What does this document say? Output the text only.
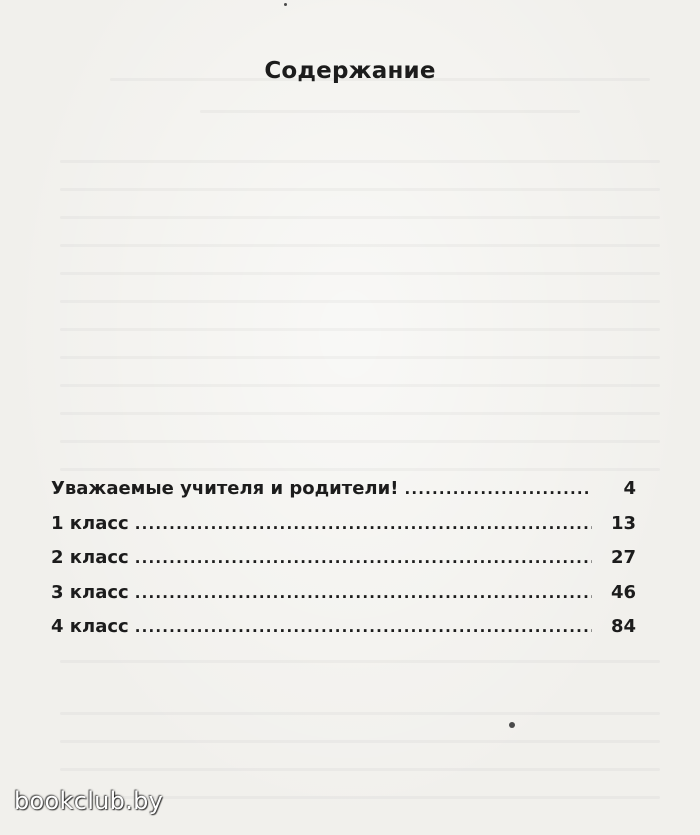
Содержание
Уважаемые учителя и родители! .....	4
1 класс .....	13
2 класс .....	27
3 класс .....	46
4 класс .....	84
bookclub.by
